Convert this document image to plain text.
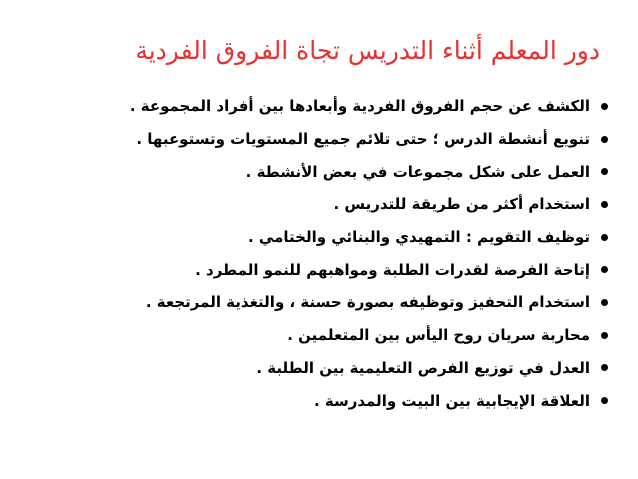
دور المعلم أثناء التدريس تجاة الفروق الفردية
الكشف عن حجم الفروق الفردية وأبعادها بين أفراد المجموعة .
تنويع أنشطة الدرس ؛ حتى تلائم جميع المستويات وتستوعبها .
العمل على شكل مجموعات في بعض الأنشطة .
استخدام أكثر من طريقة للتدريس .
توظيف التقويم : التمهيدي والبنائي والختامي .
إتاحة الفرصة لقدرات الطلبة ومواهبهم للنمو المطرد .
استخدام التحفيز وتوظيفه بصورة حسنة ، والتغذية المرتجعة .
محاربة سريان روح اليأس بين المتعلمين .
العدل في توزيع الفرص التعليمية بين الطلبة .
العلاقة الإيجابية بين البيت والمدرسة .
